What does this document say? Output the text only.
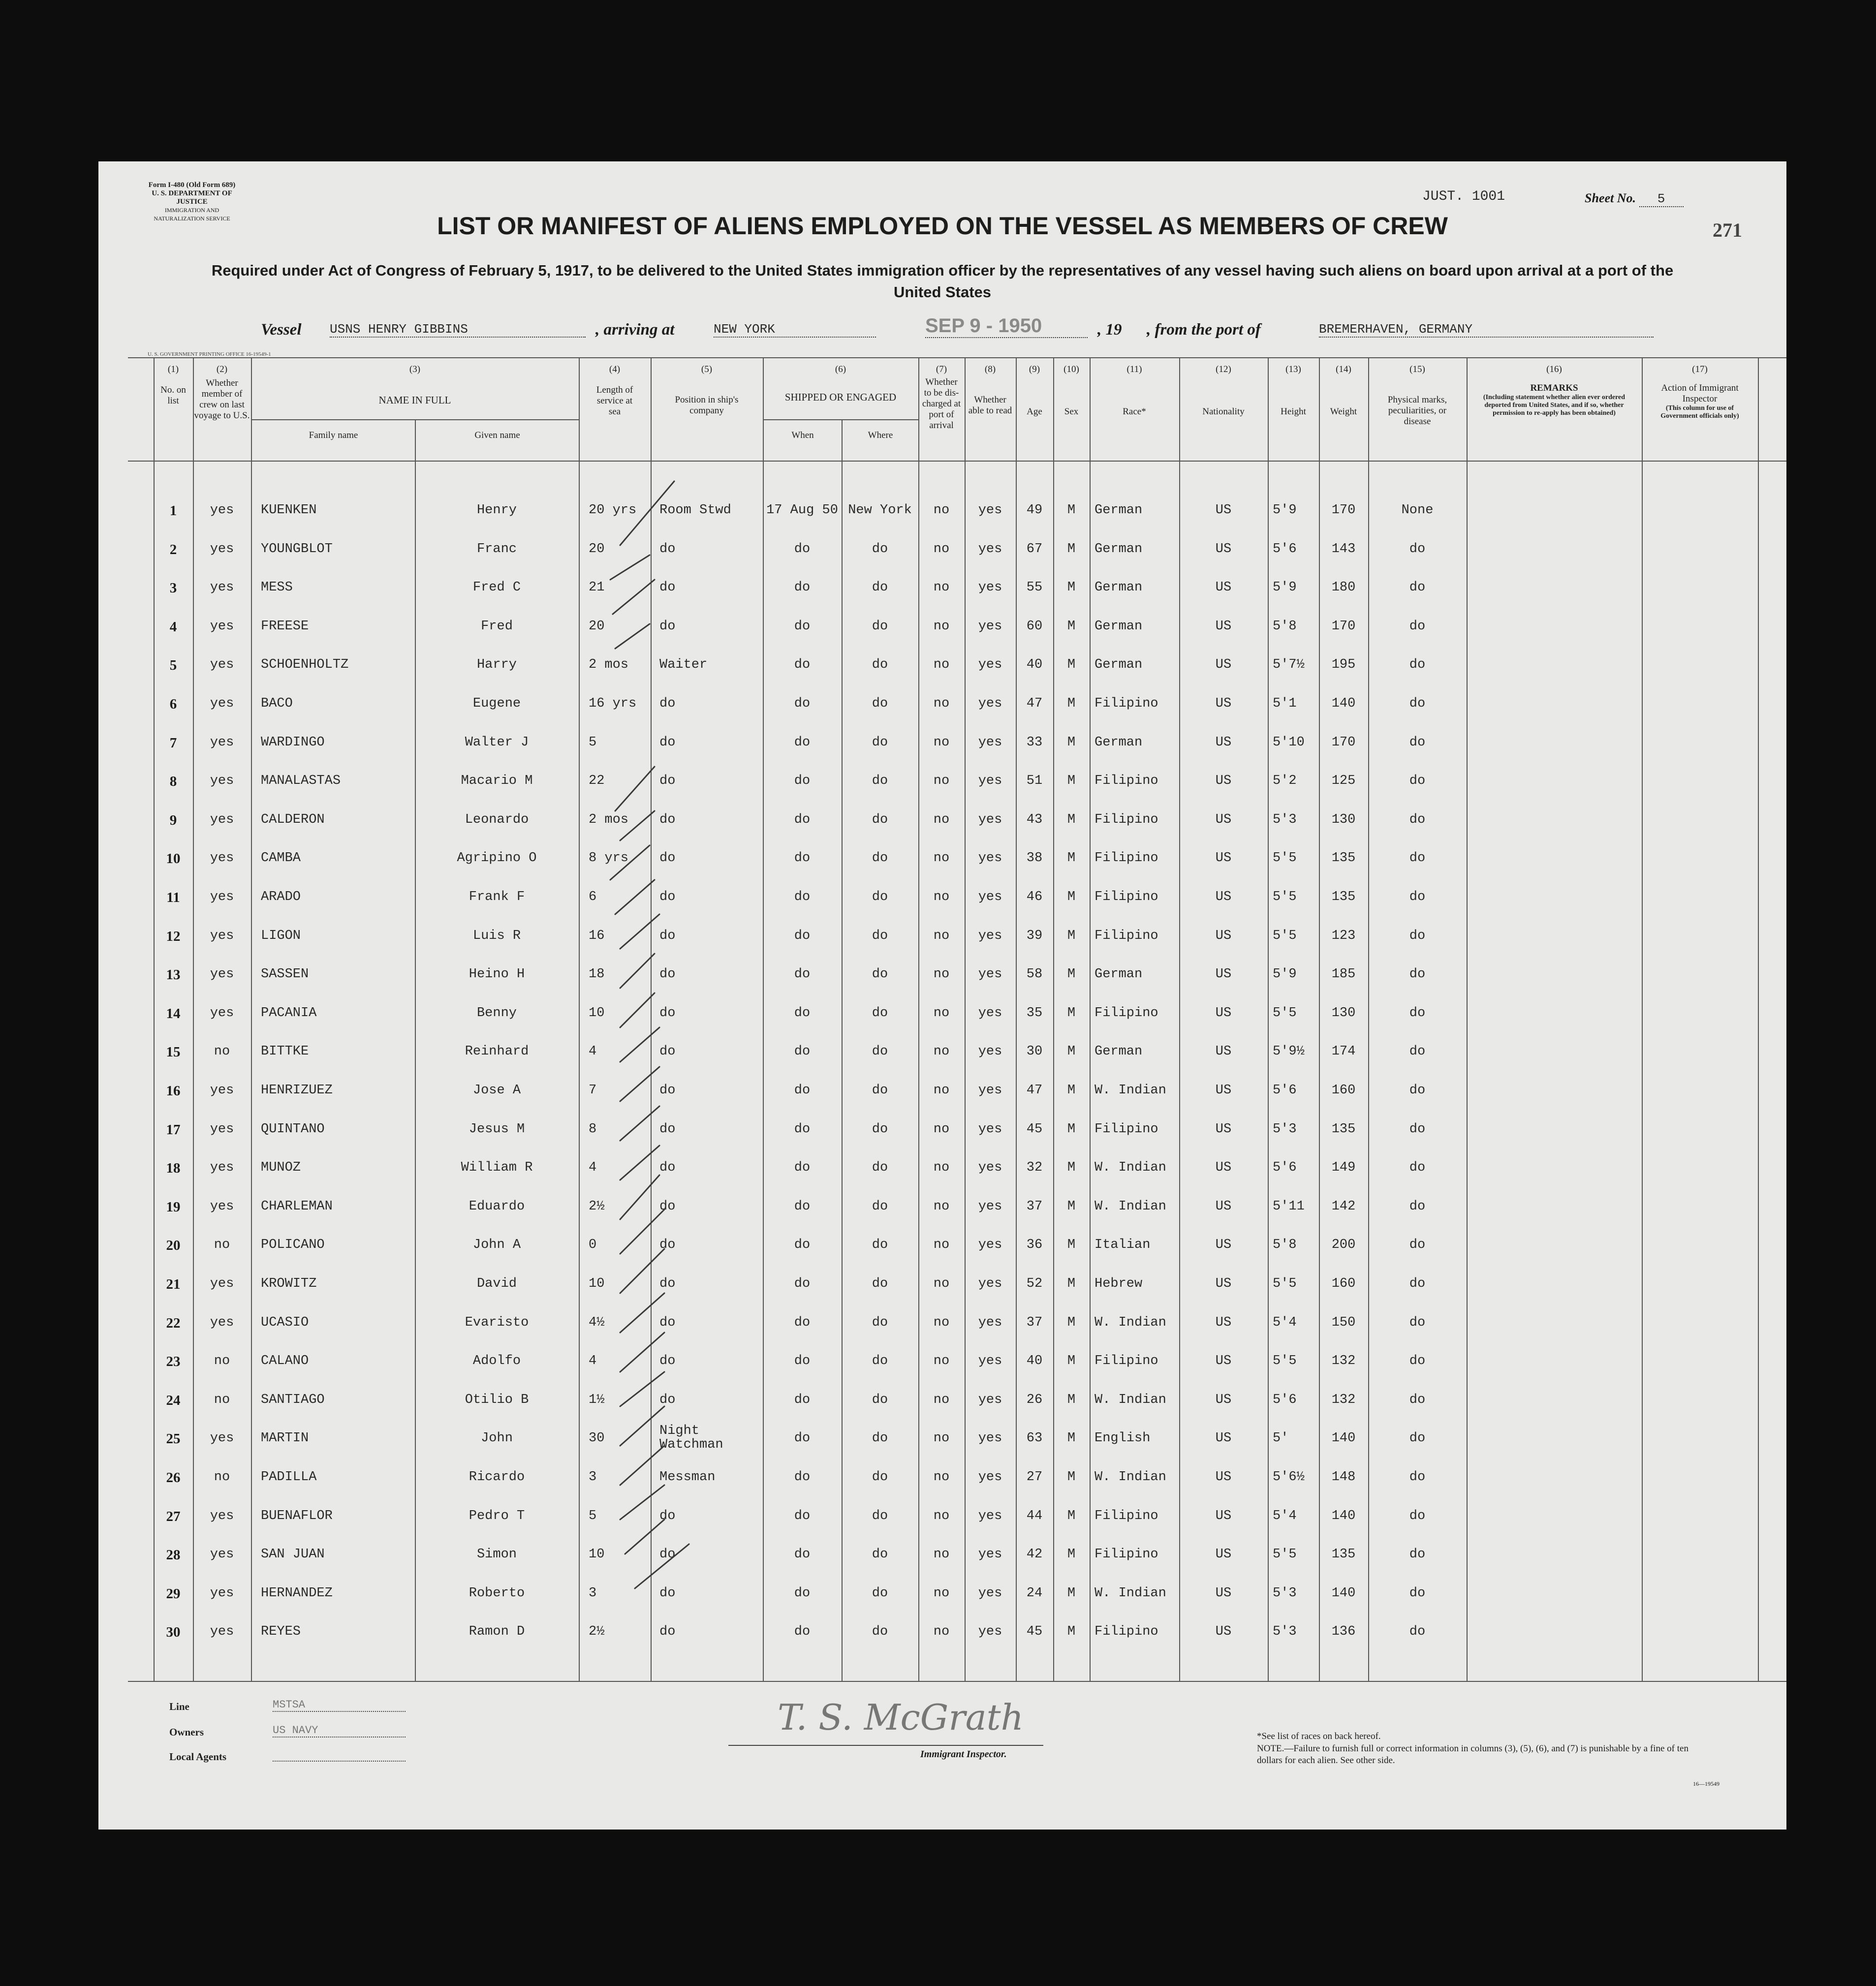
Form I-480 (Old Form 689)
U. S. DEPARTMENT OF JUSTICE
IMMIGRATION AND NATURALIZATION SERVICE
JUST. 1001	Sheet No. 5
271
LIST OR MANIFEST OF ALIENS EMPLOYED ON THE VESSEL AS MEMBERS OF CREW
Required under Act of Congress of February 5, 1917, to be delivered to the United States immigration officer by the representatives of any vessel having such aliens on board upon arrival at a port of the United States
Vessel USNS HENRY GIBBINS	, arriving at	NEW YORK	SEP 9 - 1950	, 19 , from the port of	BREMERHAVEN, GERMANY
U. S. GOVERNMENT PRINTING OFFICE 16-19549-1
(1)
No. on list
(2)
Whether member of crew on last voyage to U.S.
(3)
NAME IN FULL
Family name	Given name
(4)
Length of service at sea
(5)
Position in ship's company
(6)
SHIPPED OR ENGAGED
When	Where
(7)
Whether to be dis-charged at port of arrival
(8)
Whether able to read
(9)
Age
(10)
Sex
(11)
Race*
(12)
Nationality
(13)
Height
(14)
Weight
(15)
Physical marks, peculiarities, or disease
(16)
REMARKS
(Including statement whether alien ever ordered deported from United States, and if so, whether permission to re-apply has been obtained)
(17)
Action of Immigrant Inspector
(This column for use of Government officials only)
1	yes	KUENKEN	Henry	20 yrs	Room Stwd	17 Aug 50 New York	no	yes	49	M	German	US	5'9	170	None
2	yes	YOUNGBLOT	Franc	20	do	do	do	no	yes	67	M	German	US	5'6	143	do
3	yes	MESS	Fred C	21	do	do	do	no	yes	55	M	German	US	5'9	180	do
4	yes	FREESE	Fred	20	do	do	do	no	yes	60	M	German	US	5'8	170	do
5	yes	SCHOENHOLTZ	Harry	2 mos	Waiter	do	do	no	yes	40	M	German	US	5'7½	195	do
6	yes	BACO	Eugene	16 yrs	do	do	do	no	yes	47	M	Filipino	US	5'1	140	do
7	yes	WARDINGO	Walter J	5	do	do	do	no	yes	33	M	German	US	5'10	170	do
8	yes	MANALASTAS	Macario M	22	do	do	do	no	yes	51	M	Filipino	US	5'2	125	do
9	yes	CALDERON	Leonardo	2 mos	do	do	do	no	yes	43	M	Filipino	US	5'3	130	do
10	yes	CAMBA	Agripino O	8 yrs	do	do	do	no	yes	38	M	Filipino	US	5'5	135	do
11	yes	ARADO	Frank F	6	do	do	do	no	yes	46	M	Filipino	US	5'5	135	do
12	yes	LIGON	Luis R	16	do	do	do	no	yes	39	M	Filipino	US	5'5	123	do
13	yes	SASSEN	Heino H	18	do	do	do	no	yes	58	M	German	US	5'9	185	do
14	yes	PACANIA	Benny	10	do	do	do	no	yes	35	M	Filipino	US	5'5	130	do
15	no	BITTKE	Reinhard	4	do	do	do	no	yes	30	M	German	US	5'9½	174	do
16	yes	HENRIZUEZ	Jose A	7	do	do	do	no	yes	47	M	W. Indian	US	5'6	160	do
17	yes	QUINTANO	Jesus M	8	do	do	do	no	yes	45	M	Filipino	US	5'3	135	do
18	yes	MUNOZ	William R	4	do	do	do	no	yes	32	M	W. Indian	US	5'6	149	do
19	yes	CHARLEMAN	Eduardo	2½	do	do	do	no	yes	37	M	W. Indian	US	5'11	142	do
20	no	POLICANO	John A	0	do	do	do	no	yes	36	M	Italian	US	5'8	200	do
21	yes	KROWITZ	David	10	do	do	do	no	yes	52	M	Hebrew	US	5'5	160	do
22	yes	UCASIO	Evaristo	4½	do	do	do	no	yes	37	M	W. Indian	US	5'4	150	do
23	no	CALANO	Adolfo	4	do	do	do	no	yes	40	M	Filipino	US	5'5	132	do
24	no	SANTIAGO	Otilio B	1½	do	do	do	no	yes	26	M	W. Indian	US	5'6	132	do
25	yes	MARTIN	John	30	Night Watchman	do	do	no	yes	63	M	English	US	5'	140	do
26	no	PADILLA	Ricardo	3	Messman	do	do	no	yes	27	M	W. Indian	US	5'6½	148	do
27	yes	BUENAFLOR	Pedro T	5	do	do	do	no	yes	44	M	Filipino	US	5'4	140	do
28	yes	SAN JUAN	Simon	10	do	do	do	no	yes	42	M	Filipino	US	5'5	135	do
29	yes	HERNANDEZ	Roberto	3	do	do	do	no	yes	24	M	W. Indian	US	5'3	140	do
30	yes	REYES	Ramon D	2½	do	do	do	no	yes	45	M	Filipino	US	5'3	136	do
Line	MSTSA
Owners	US NAVY
Local Agents
T. S. McGrath
Immigrant Inspector.
*See list of races on back hereof.
NOTE.—Failure to furnish full or correct information in columns (3), (5), (6), and (7) is punishable by a fine of ten dollars for each alien. See other side.
16—19549
